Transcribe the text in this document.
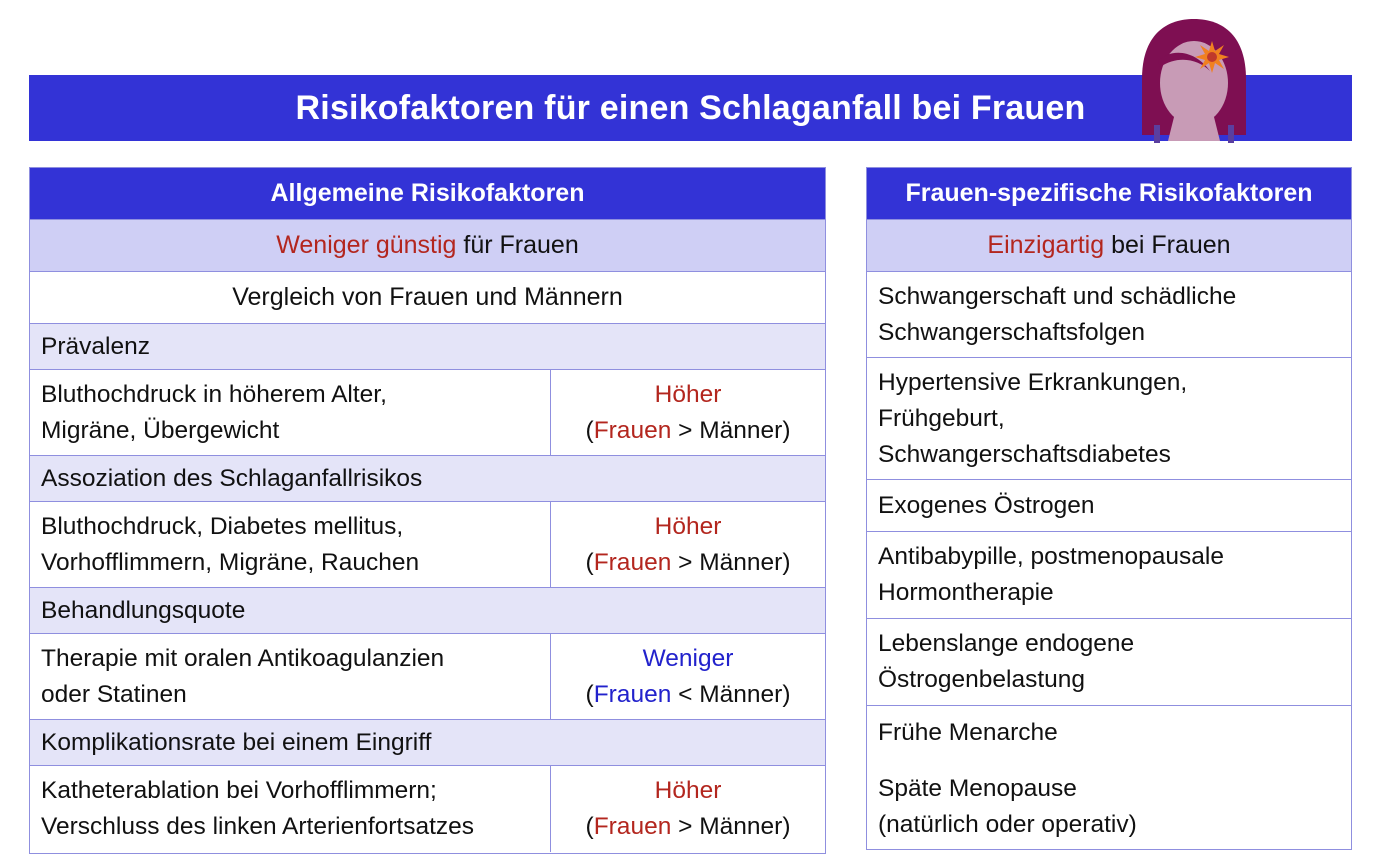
Risikofaktoren für einen Schlaganfall bei Frauen
Allgemeine Risikofaktoren
Weniger günstig für Frauen
Vergleich von Frauen und Männern
Prävalenz
Bluthochdruck in höherem Alter,
Migräne, Übergewicht
Höher
(Frauen > Männer)
Assoziation des Schlaganfallrisikos
Bluthochdruck, Diabetes mellitus,
Vorhofflimmern, Migräne, Rauchen
Höher
(Frauen > Männer)
Behandlungsquote
Therapie mit oralen Antikoagulanzien
oder Statinen
Weniger
(Frauen < Männer)
Komplikationsrate bei einem Eingriff
Katheterablation bei Vorhofflimmern;
Verschluss des linken Arterienfortsatzes
Höher
(Frauen > Männer)
Frauen-spezifische Risikofaktoren
Einzigartig bei Frauen
Schwangerschaft und schädliche
Schwangerschaftsfolgen
Hypertensive Erkrankungen,
Frühgeburt,
Schwangerschaftsdiabetes
Exogenes Östrogen
Antibabypille, postmenopausale
Hormontherapie
Lebenslange endogene
Östrogenbelastung
Frühe Menarche
Späte Menopause
(natürlich oder operativ)
